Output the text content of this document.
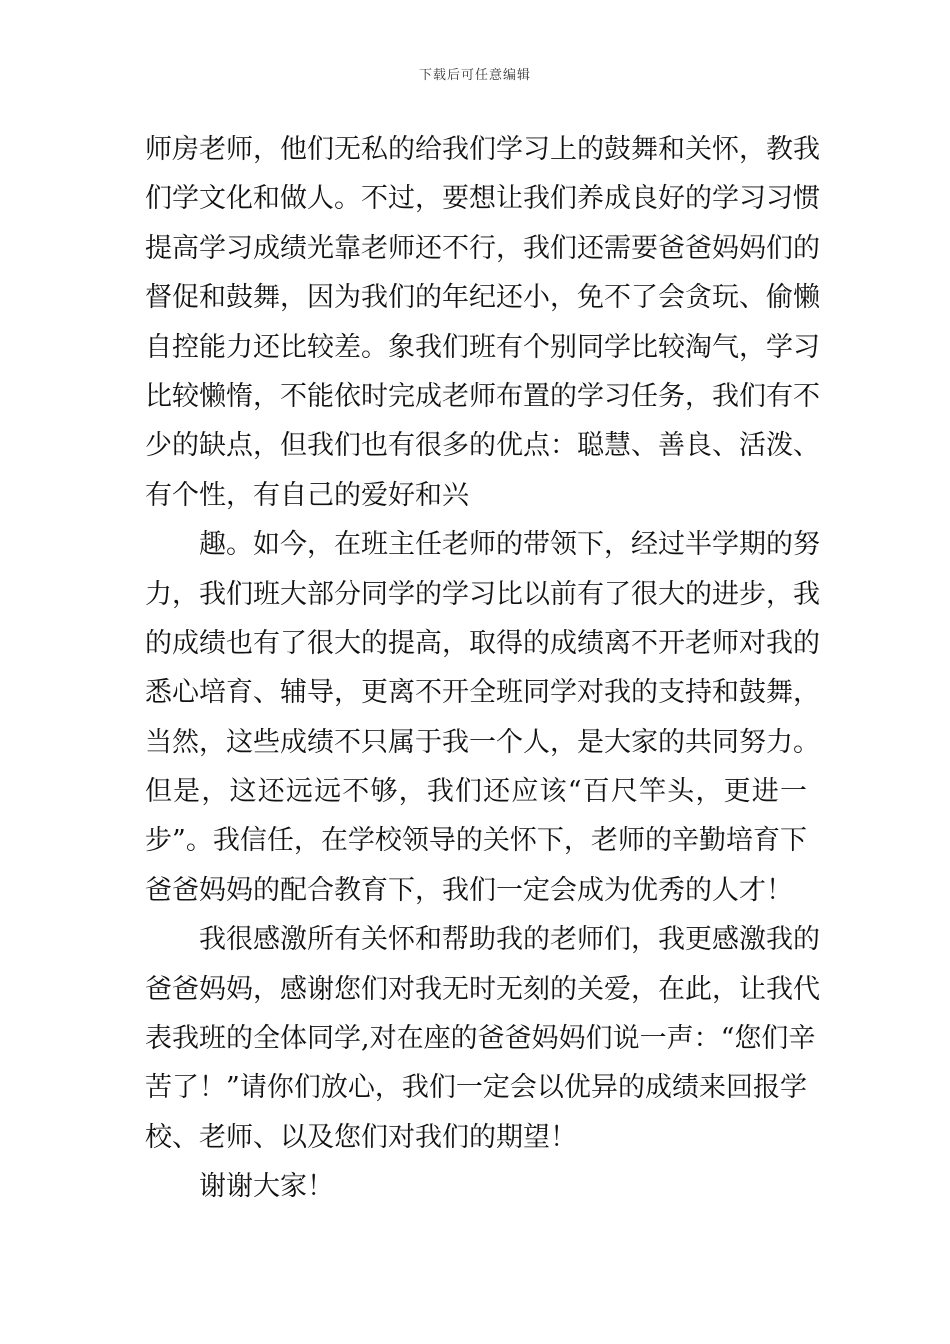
下载后可任意编辑
师房老师，他们无私的给我们学习上的鼓舞和关怀，教我
们学文化和做人。不过，要想让我们养成良好的学习习惯
提高学习成绩光靠老师还不行，我们还需要爸爸妈妈们的
督促和鼓舞，因为我们的年纪还小，免不了会贪玩、偷懒
自控能力还比较差。象我们班有个别同学比较淘气，学习
比较懒惰，不能依时完成老师布置的学习任务，我们有不
少的缺点，但我们也有很多的优点：聪慧、善良、活泼、
有个性，有自己的爱好和兴
趣。如今，在班主任老师的带领下，经过半学期的努
力，我们班大部分同学的学习比以前有了很大的进步，我
的成绩也有了很大的提高，取得的成绩离不开老师对我的
悉心培育、辅导，更离不开全班同学对我的支持和鼓舞，
当然，这些成绩不只属于我一个人，是大家的共同努力。
但是，这还远远不够，我们还应该“百尺竿头，更进一
步”。我信任，在学校领导的关怀下，老师的辛勤培育下
爸爸妈妈的配合教育下，我们一定会成为优秀的人才！
我很感激所有关怀和帮助我的老师们，我更感激我的
爸爸妈妈，感谢您们对我无时无刻的关爱，在此，让我代
表我班的全体同学,对在座的爸爸妈妈们说一声：“您们辛
苦了！”请你们放心，我们一定会以优异的成绩来回报学
校、老师、以及您们对我们的期望！
谢谢大家！
